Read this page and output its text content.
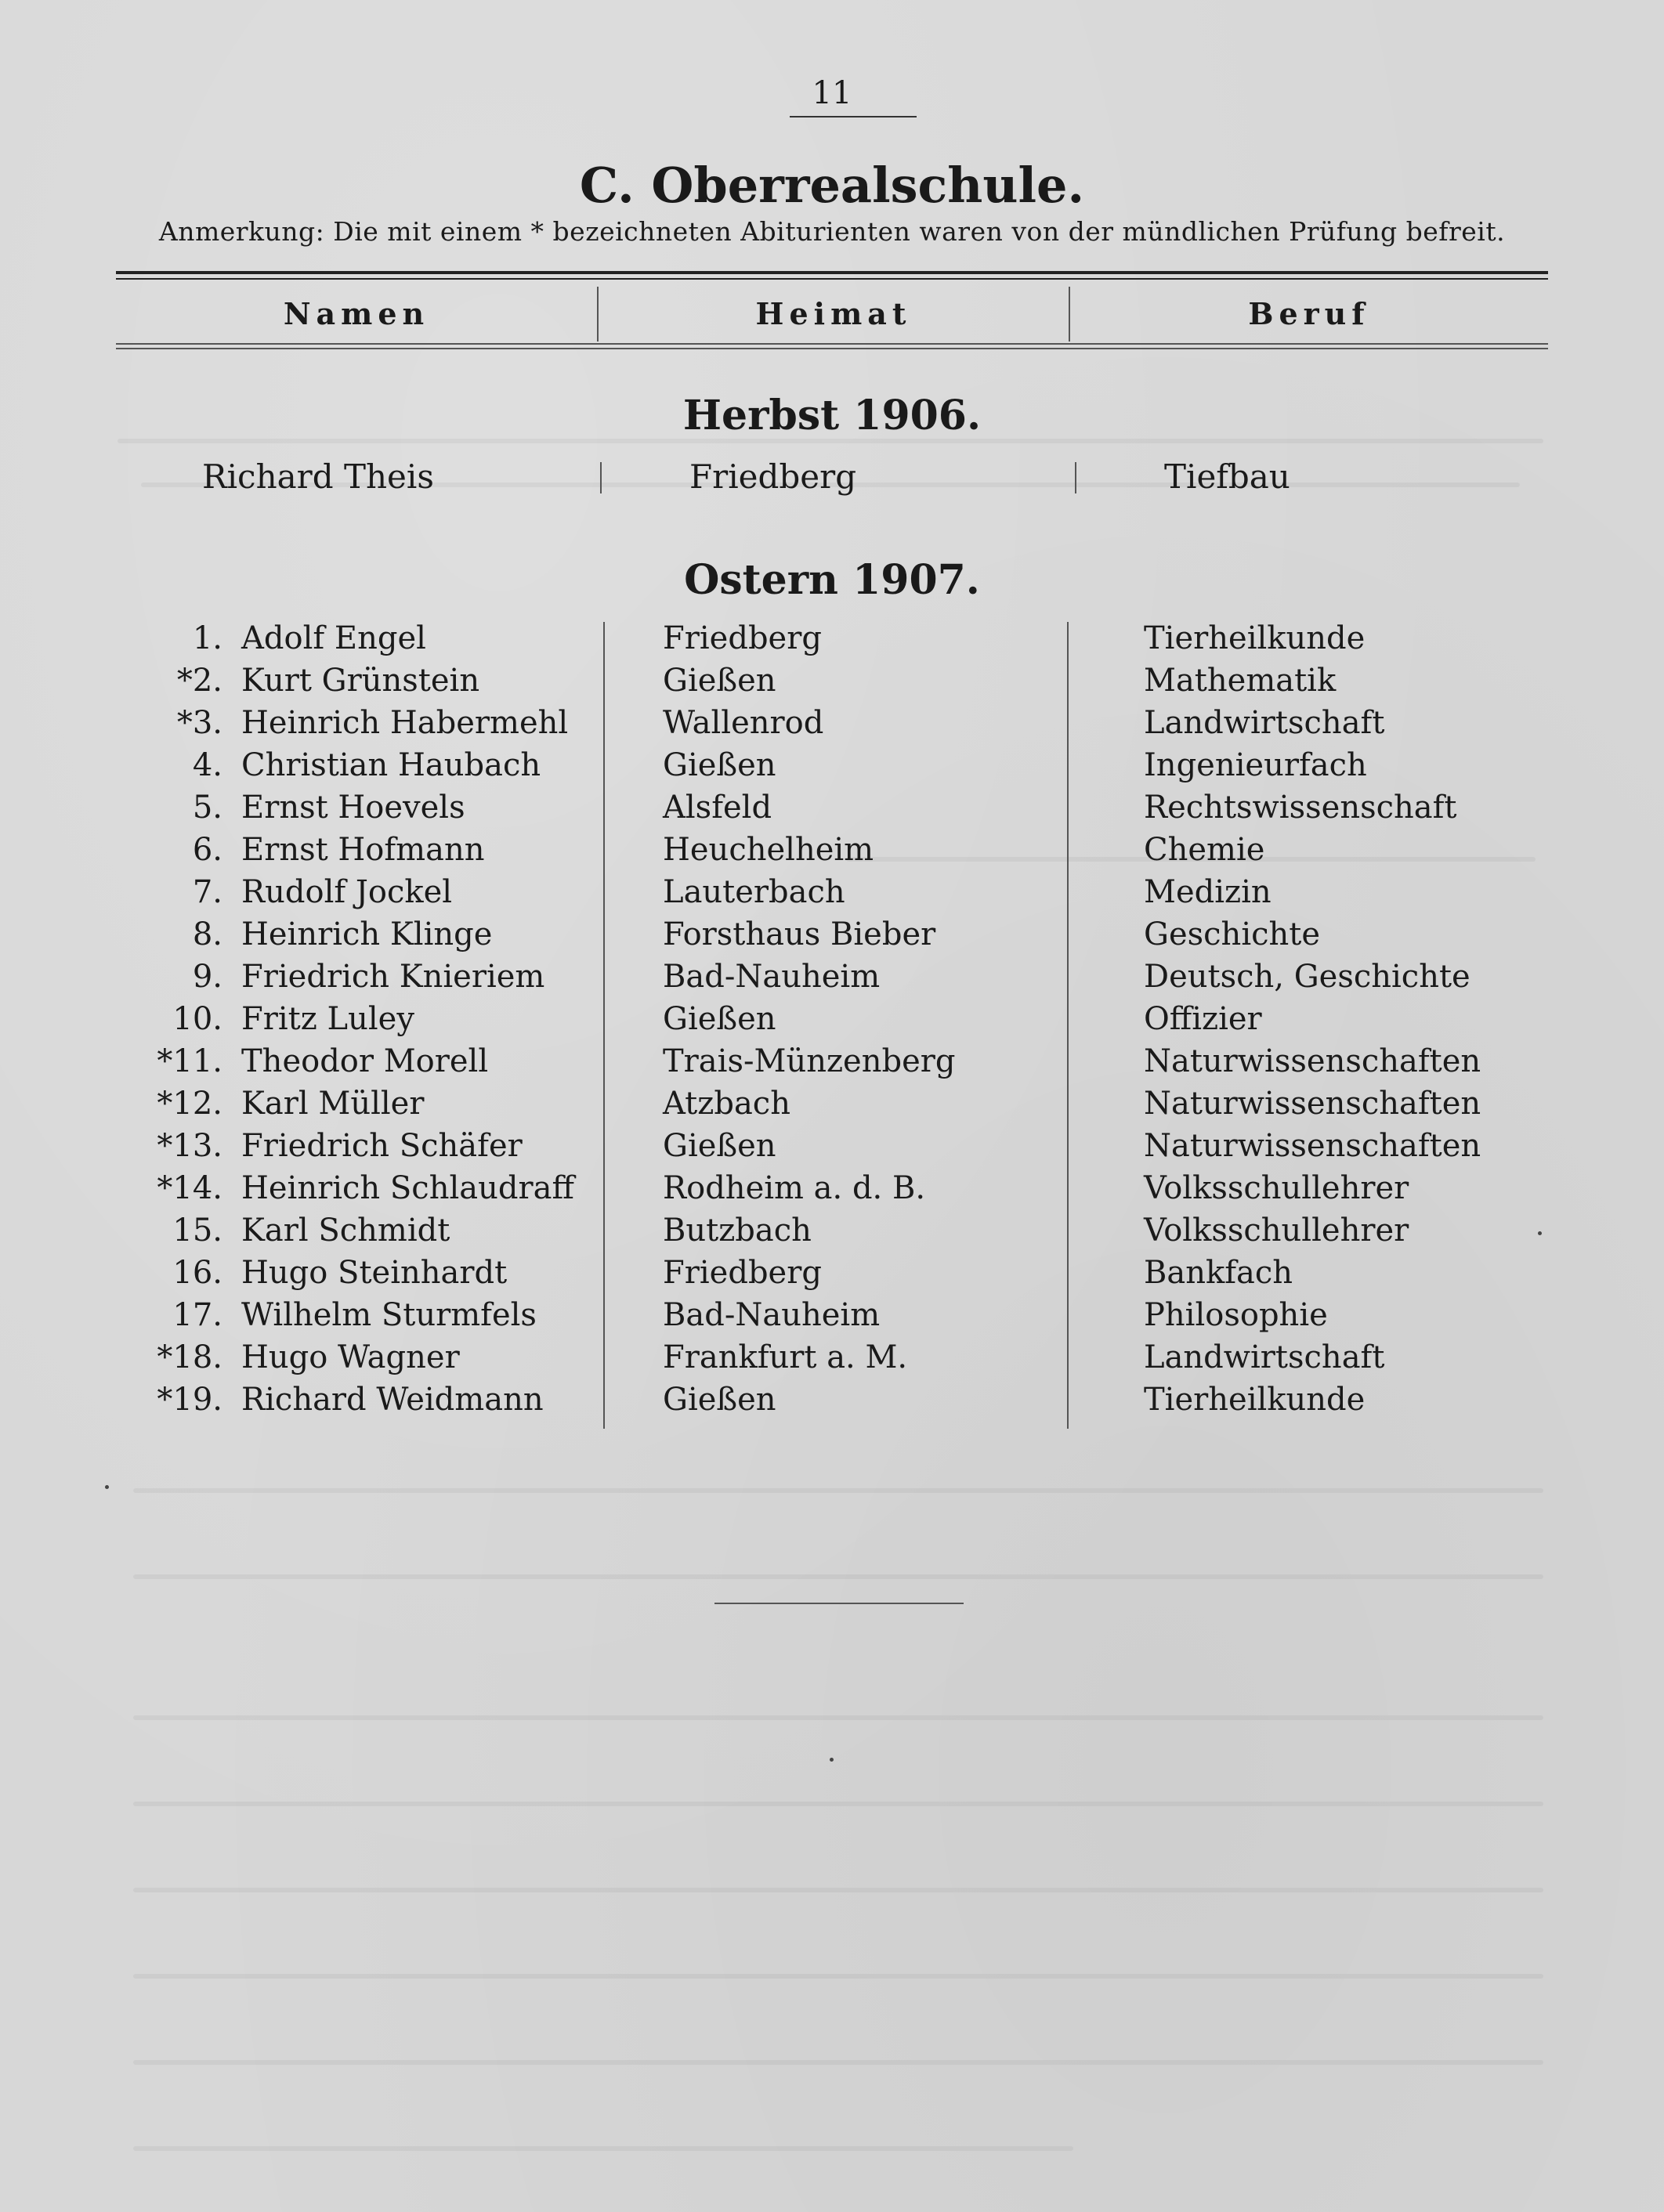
11
C. Oberrealschule.
Anmerkung: Die mit einem * bezeichneten Abiturienten waren von der mündlichen Prüfung befreit.
Namen	Heimat	Beruf
Herbst 1906.
Richard Theis	Friedberg	Tiefbau
Ostern 1907.
1. Adolf Engel	Friedberg	Tierheilkunde
*2. Kurt Grünstein	Gießen	Mathematik
*3. Heinrich Habermehl	Wallenrod	Landwirtschaft
4. Christian Haubach	Gießen	Ingenieurfach
5. Ernst Hoevels	Alsfeld	Rechtswissenschaft
6. Ernst Hofmann	Heuchelheim	Chemie
7. Rudolf Jockel	Lauterbach	Medizin
8. Heinrich Klinge	Forsthaus Bieber	Geschichte
9. Friedrich Knieriem	Bad-Nauheim	Deutsch, Geschichte
10. Fritz Luley	Gießen	Offizier
*11. Theodor Morell	Trais-Münzenberg	Naturwissenschaften
*12. Karl Müller	Atzbach	Naturwissenschaften
*13. Friedrich Schäfer	Gießen	Naturwissenschaften
*14. Heinrich Schlaudraff	Rodheim a. d. B.	Volksschullehrer
15. Karl Schmidt	Butzbach	Volksschullehrer
16. Hugo Steinhardt	Friedberg	Bankfach
17. Wilhelm Sturmfels	Bad-Nauheim	Philosophie
*18. Hugo Wagner	Frankfurt a. M.	Landwirtschaft
*19. Richard Weidmann	Gießen	Tierheilkunde
